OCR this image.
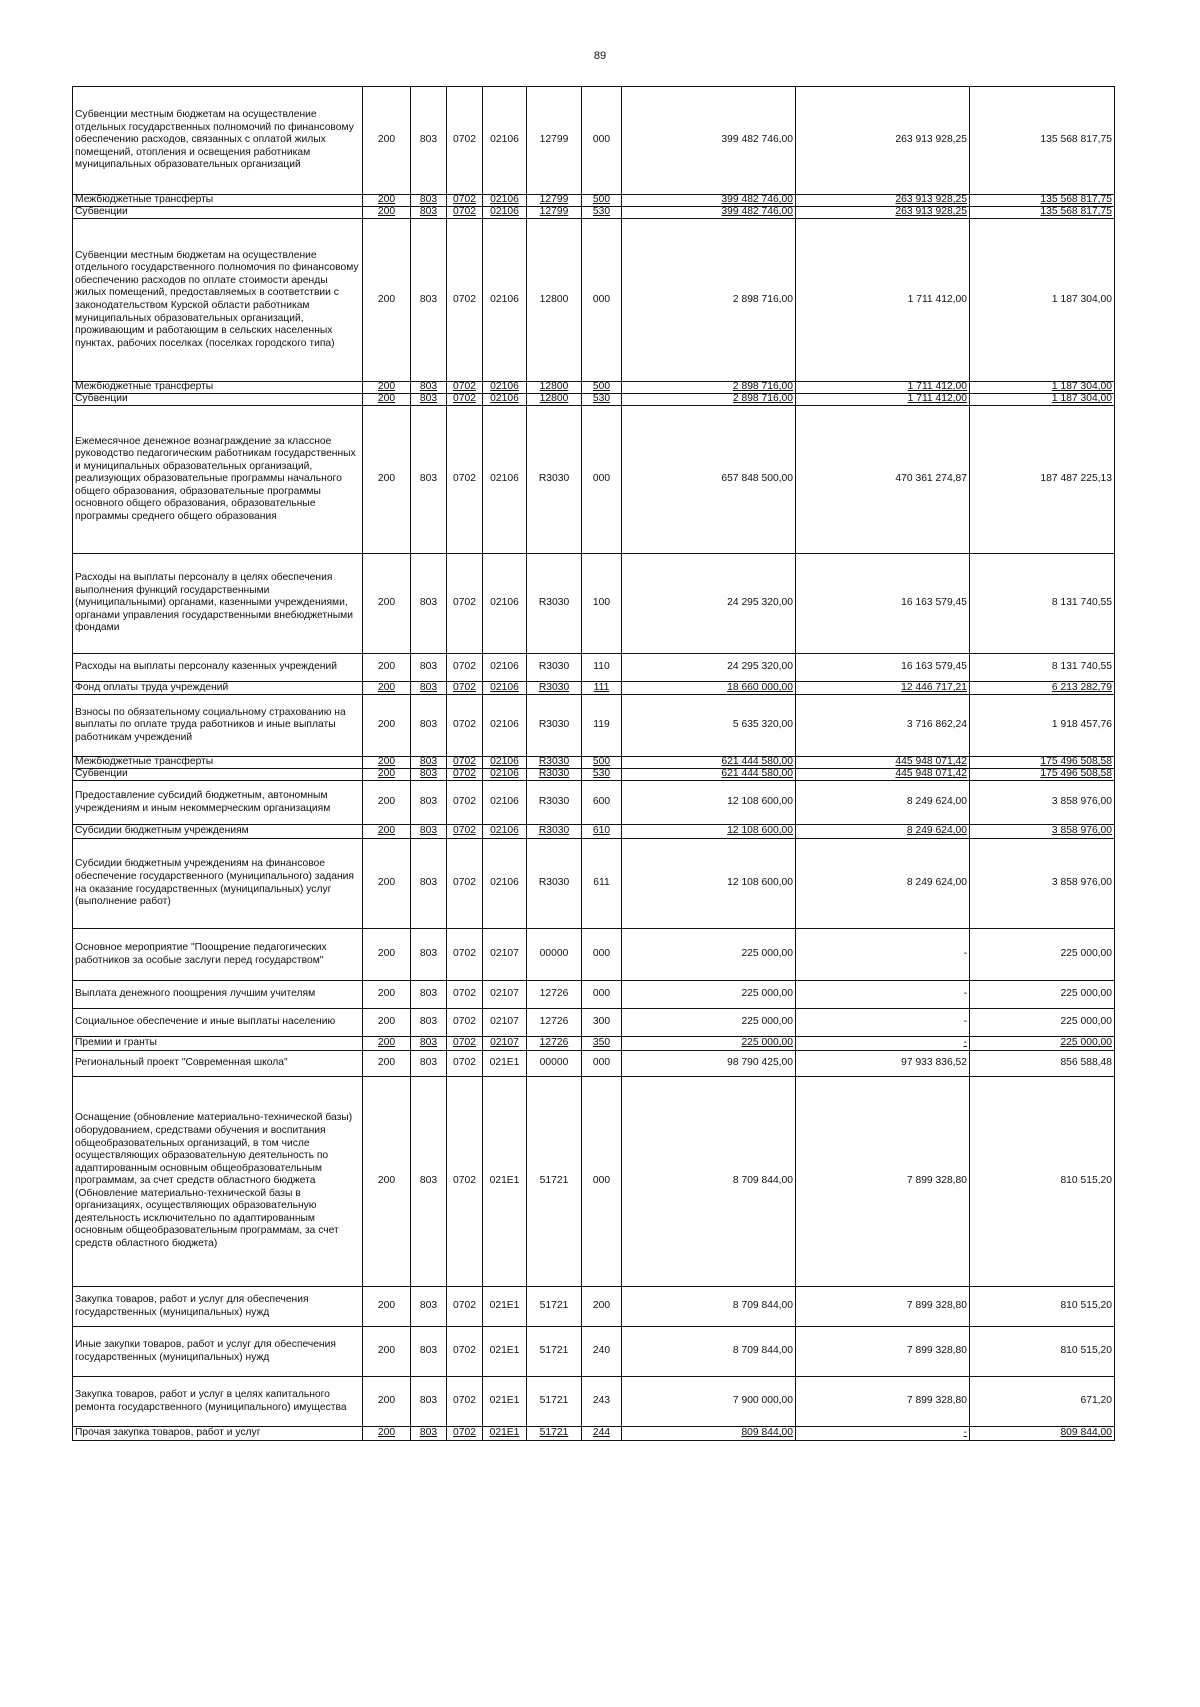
89
Субвенции местным бюджетам на осуществление отдельных государственных полномочий по финансовому обеспечению расходов, связанных с оплатой жилых помещений, отопления и освещения работникам муниципальных образовательных организаций	200	803	0702	02106	12799	000	399 482 746,00	263 913 928,25	135 568 817,75
Межбюджетные трансферты	200	803	0702	02106	12799	500	399 482 746,00	263 913 928,25	135 568 817,75
Субвенции	200	803	0702	02106	12799	530	399 482 746,00	263 913 928,25	135 568 817,75
Субвенции местным бюджетам на осуществление отдельного государственного полномочия по финансовому обеспечению расходов по оплате стоимости аренды жилых помещений, предоставляемых в соответствии с законодательством Курской области работникам муниципальных образовательных организаций, проживающим и работающим в сельских населенных пунктах, рабочих поселках (поселках городского типа)	200	803	0702	02106	12800	000	2 898 716,00	1 711 412,00	1 187 304,00
Межбюджетные трансферты	200	803	0702	02106	12800	500	2 898 716,00	1 711 412,00	1 187 304,00
Субвенции	200	803	0702	02106	12800	530	2 898 716,00	1 711 412,00	1 187 304,00
Ежемесячное денежное вознаграждение за классное руководство педагогическим работникам государственных и муниципальных образовательных организаций, реализующих образовательные программы начального общего образования, образовательные программы основного общего образования, образовательные программы среднего общего образования	200	803	0702	02106	R3030	000	657 848 500,00	470 361 274,87	187 487 225,13
Расходы на выплаты персоналу в целях обеспечения выполнения функций государственными (муниципальными) органами, казенными учреждениями, органами управления государственными внебюджетными фондами	200	803	0702	02106	R3030	100	24 295 320,00	16 163 579,45	8 131 740,55
Расходы на выплаты персоналу казенных учреждений	200	803	0702	02106	R3030	110	24 295 320,00	16 163 579,45	8 131 740,55
Фонд оплаты труда учреждений	200	803	0702	02106	R3030	111	18 660 000,00	12 446 717,21	6 213 282,79
Взносы по обязательному социальному страхованию на выплаты по оплате труда работников и иные выплаты работникам учреждений	200	803	0702	02106	R3030	119	5 635 320,00	3 716 862,24	1 918 457,76
Межбюджетные трансферты	200	803	0702	02106	R3030	500	621 444 580,00	445 948 071,42	175 496 508,58
Субвенции	200	803	0702	02106	R3030	530	621 444 580,00	445 948 071,42	175 496 508,58
Предоставление субсидий бюджетным, автономным учреждениям и иным некоммерческим организациям	200	803	0702	02106	R3030	600	12 108 600,00	8 249 624,00	3 858 976,00
Субсидии бюджетным учреждениям	200	803	0702	02106	R3030	610	12 108 600,00	8 249 624,00	3 858 976,00
Субсидии бюджетным учреждениям на финансовое обеспечение государственного (муниципального) задания на оказание государственных (муниципальных) услуг (выполнение работ)	200	803	0702	02106	R3030	611	12 108 600,00	8 249 624,00	3 858 976,00
Основное мероприятие "Поощрение педагогических работников за особые заслуги перед государством"	200	803	0702	02107	00000	000	225 000,00	-	225 000,00
Выплата денежного поощрения лучшим учителям	200	803	0702	02107	12726	000	225 000,00	-	225 000,00
Социальное обеспечение и иные выплаты населению	200	803	0702	02107	12726	300	225 000,00	-	225 000,00
Премии и гранты	200	803	0702	02107	12726	350	225 000,00	-	225 000,00
Региональный проект "Современная школа"	200	803	0702	021E1	00000	000	98 790 425,00	97 933 836,52	856 588,48
Оснащение (обновление материально-технической базы) оборудованием, средствами обучения и воспитания общеобразовательных организаций, в том числе осуществляющих образовательную деятельность по адаптированным основным общеобразовательным программам, за счет средств областного бюджета (Обновление материально-технической базы в организациях, осуществляющих образовательную деятельность исключительно по адаптированным основным общеобразовательным программам, за счет средств областного бюджета)	200	803	0702	021E1	51721	000	8 709 844,00	7 899 328,80	810 515,20
Закупка товаров, работ и услуг для обеспечения государственных (муниципальных) нужд	200	803	0702	021E1	51721	200	8 709 844,00	7 899 328,80	810 515,20
Иные закупки товаров, работ и услуг для обеспечения государственных (муниципальных) нужд	200	803	0702	021E1	51721	240	8 709 844,00	7 899 328,80	810 515,20
Закупка товаров, работ и услуг в целях капитального ремонта государственного (муниципального) имущества	200	803	0702	021E1	51721	243	7 900 000,00	7 899 328,80	671,20
Прочая закупка товаров, работ и услуг	200	803	0702	021E1	51721	244	809 844,00	-	809 844,00
